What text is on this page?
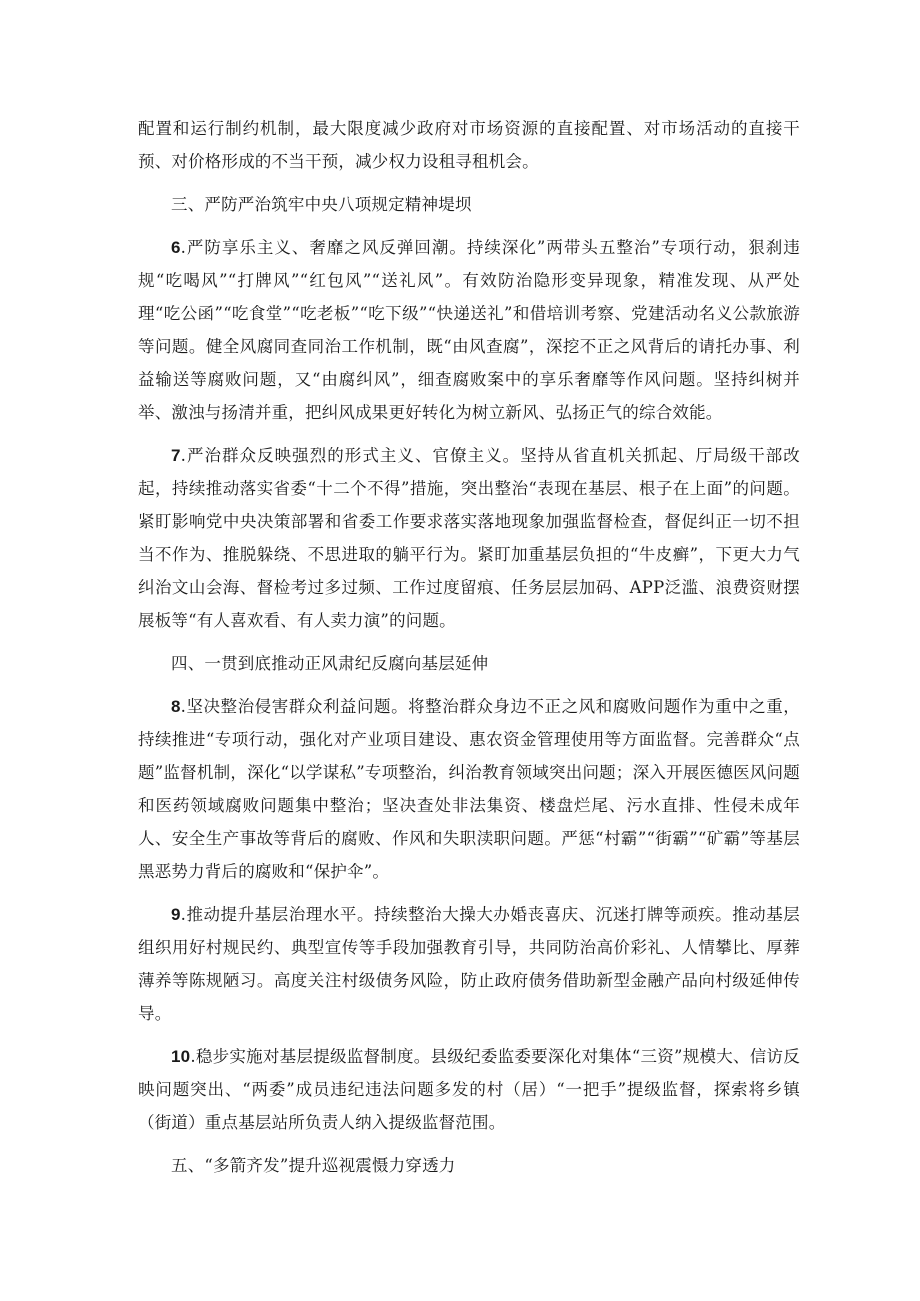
配置和运行制约机制，最大限度减少政府对市场资源的直接配置、对市场活动的直接干预、对价格形成的不当干预，减少权力设租寻租机会。

三、严防严治筑牢中央八项规定精神堤坝

6.严防享乐主义、奢靡之风反弹回潮。持续深化”两带头五整治”专项行动，狠刹违规“吃喝风”“打牌风”“红包风”“送礼风”。有效防治隐形变异现象，精准发现、从严处理“吃公函”“吃食堂”“吃老板”“吃下级”“快递送礼”和借培训考察、党建活动名义公款旅游等问题。健全风腐同查同治工作机制，既“由风查腐”，深挖不正之风背后的请托办事、利益输送等腐败问题，又“由腐纠风”，细查腐败案中的享乐奢靡等作风问题。坚持纠树并举、激浊与扬清并重，把纠风成果更好转化为树立新风、弘扬正气的综合效能。

7.严治群众反映强烈的形式主义、官僚主义。坚持从省直机关抓起、厅局级干部改起，持续推动落实省委“十二个不得”措施，突出整治“表现在基层、根子在上面”的问题。紧盯影响党中央决策部署和省委工作要求落实落地现象加强监督检查，督促纠正一切不担当不作为、推脱躲绕、不思进取的躺平行为。紧盯加重基层负担的“牛皮癣”，下更大力气纠治文山会海、督检考过多过频、工作过度留痕、任务层层加码、APP泛滥、浪费资财摆展板等“有人喜欢看、有人卖力演”的问题。

四、一贯到底推动正风肃纪反腐向基层延伸

8.坚决整治侵害群众利益问题。将整治群众身边不正之风和腐败问题作为重中之重，持续推进“专项行动，强化对产业项目建设、惠农资金管理使用等方面监督。完善群众“点题”监督机制，深化“以学谋私”专项整治，纠治教育领域突出问题；深入开展医德医风问题和医药领域腐败问题集中整治；坚决查处非法集资、楼盘烂尾、污水直排、性侵未成年人、安全生产事故等背后的腐败、作风和失职渎职问题。严惩“村霸”“街霸”“矿霸”等基层黑恶势力背后的腐败和“保护伞”。

9.推动提升基层治理水平。持续整治大操大办婚丧喜庆、沉迷打牌等顽疾。推动基层组织用好村规民约、典型宣传等手段加强教育引导，共同防治高价彩礼、人情攀比、厚葬薄养等陈规陋习。高度关注村级债务风险，防止政府债务借助新型金融产品向村级延伸传导。

10.稳步实施对基层提级监督制度。县级纪委监委要深化对集体“三资”规模大、信访反映问题突出、“两委”成员违纪违法问题多发的村（居）“一把手”提级监督，探索将乡镇（街道）重点基层站所负责人纳入提级监督范围。

五、“多箭齐发”提升巡视震慑力穿透力
